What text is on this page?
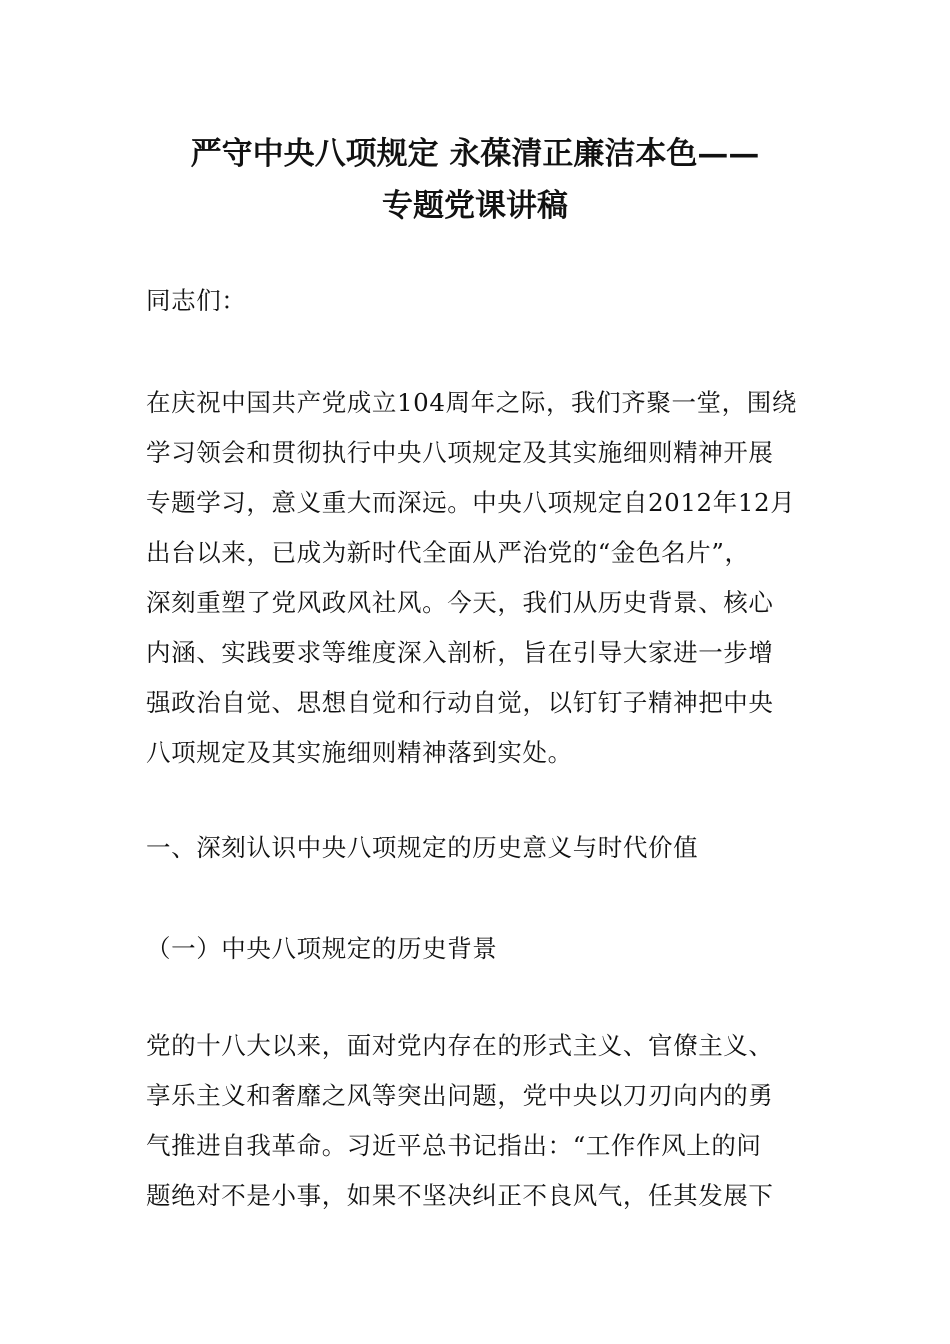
严守中央八项规定 永葆清正廉洁本色——
专题党课讲稿
同志们：
在庆祝中国共产党成立104周年之际，我们齐聚一堂，围绕
学习领会和贯彻执行中央八项规定及其实施细则精神开展
专题学习，意义重大而深远。中央八项规定自2012年12月
出台以来，已成为新时代全面从严治党的“金色名片”，
深刻重塑了党风政风社风。今天，我们从历史背景、核心
内涵、实践要求等维度深入剖析，旨在引导大家进一步增
强政治自觉、思想自觉和行动自觉，以钉钉子精神把中央
八项规定及其实施细则精神落到实处。
一、深刻认识中央八项规定的历史意义与时代价值
（一）中央八项规定的历史背景
党的十八大以来，面对党内存在的形式主义、官僚主义、
享乐主义和奢靡之风等突出问题，党中央以刀刃向内的勇
气推进自我革命。习近平总书记指出：“工作作风上的问
题绝对不是小事，如果不坚决纠正不良风气，任其发展下
